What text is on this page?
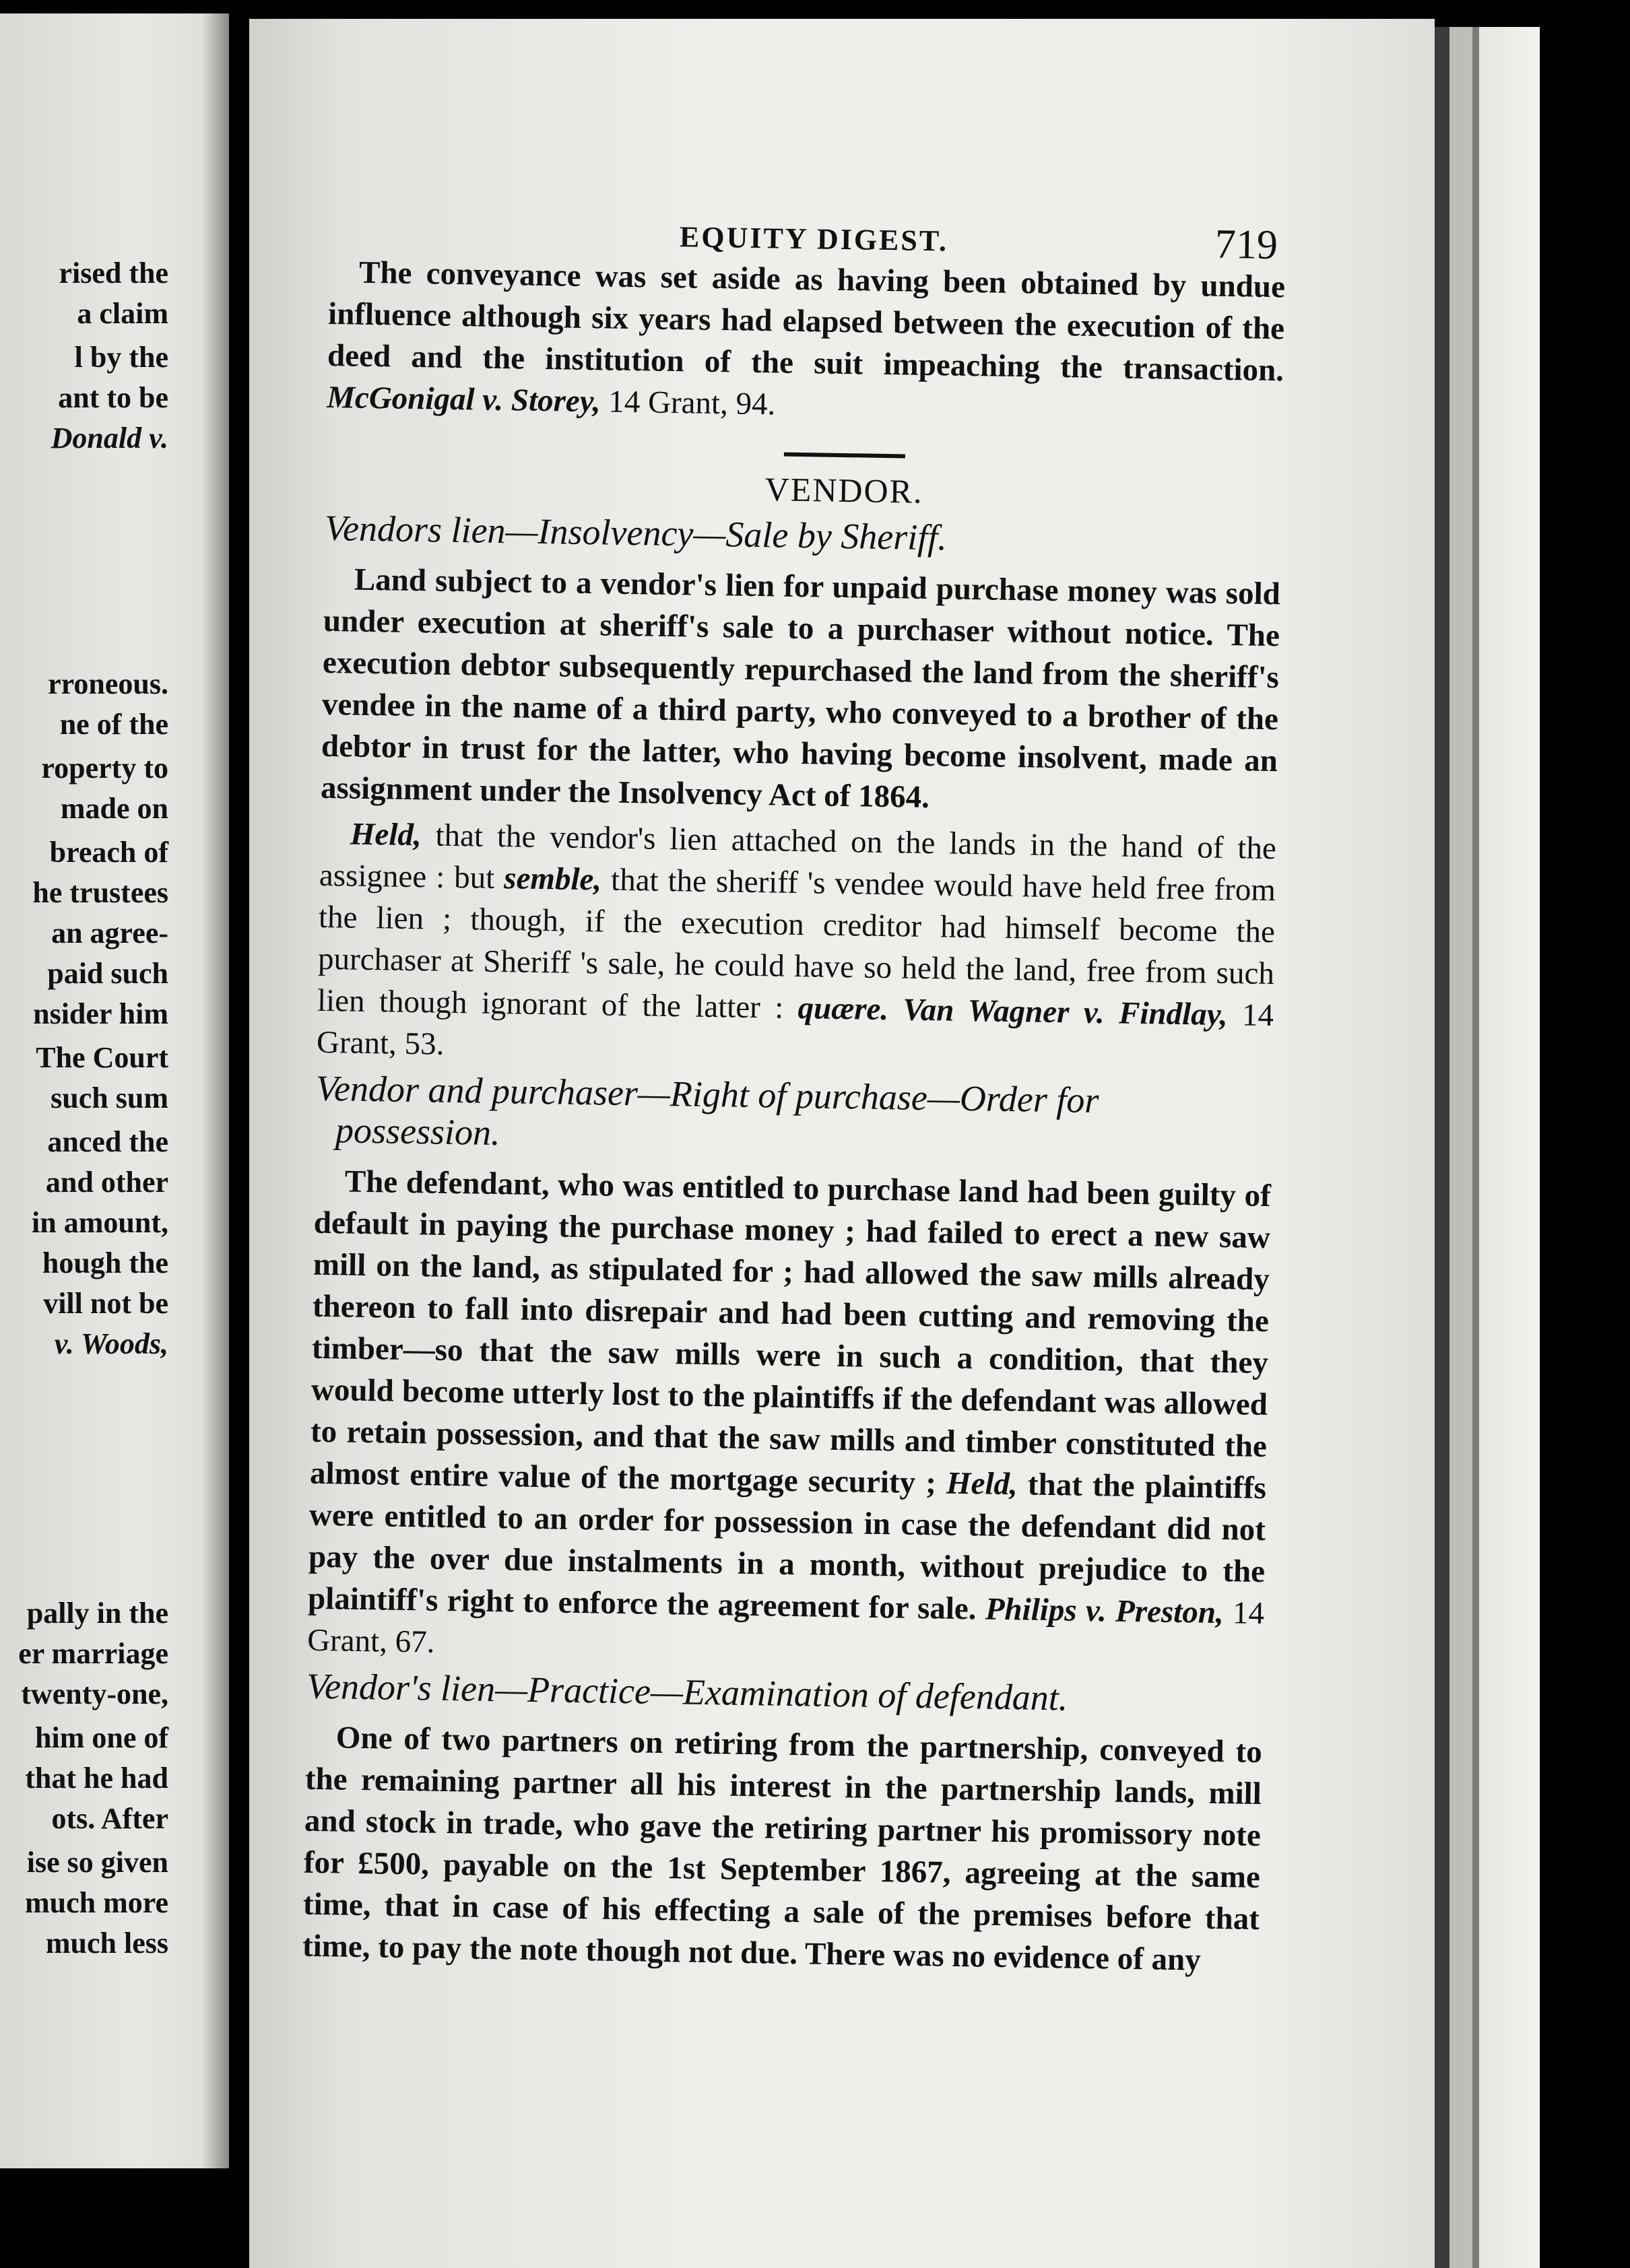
rised the
a claim
l by the
ant to be
Donald v.
rroneous.
ne of the
roperty to
made on
breach of
he trustees
an agree-
paid such
nsider him
The Court
such sum
anced the
and other
in amount,
hough the
vill not be
v. Woods,
pally in the
er marriage
twenty-one,
him one of
that he had
ots. After
ise so given
much more
much less
EQUITY DIGEST.	719

The conveyance was set aside as having been obtained by undue influence although six years had elapsed between the execution of the deed and the institution of the suit impeaching the transaction. McGonigal v. Storey, 14 Grant, 94.

VENDOR.
Vendors lien—Insolvency—Sale by Sheriff.

Land subject to a vendor's lien for unpaid purchase money was sold under execution at sheriff's sale to a purchaser without notice. The execution debtor subsequently repurchased the land from the sheriff's vendee in the name of a third party, who conveyed to a brother of the debtor in trust for the latter, who having become insolvent, made an assignment under the Insolvency Act of 1864.

Held, that the vendor's lien attached on the lands in the hand of the assignee : but semble, that the sheriff 's vendee would have held free from the lien ; though, if the execution creditor had himself become the purchaser at Sheriff 's sale, he could have so held the land, free from such lien though ignorant of the latter : quære. Van Wagner v. Findlay, 14 Grant, 53.

Vendor and purchaser—Right of purchase—Order for possession.

The defendant, who was entitled to purchase land had been guilty of default in paying the purchase money ; had failed to erect a new saw mill on the land, as stipulated for ; had allowed the saw mills already thereon to fall into disrepair and had been cutting and removing the timber—so that the saw mills were in such a condition, that they would become utterly lost to the plaintiffs if the defendant was allowed to retain possession, and that the saw mills and timber constituted the almost entire value of the mortgage security ; Held, that the plaintiffs were entitled to an order for possession in case the defendant did not pay the over due instalments in a month, without prejudice to the plaintiff's right to enforce the agreement for sale. Philips v. Preston, 14 Grant, 67.

Vendor's lien—Practice—Examination of defendant.

One of two partners on retiring from the partnership, conveyed to the remaining partner all his interest in the partnership lands, mill and stock in trade, who gave the retiring partner his promissory note for £500, payable on the 1st September 1867, agreeing at the same time, that in case of his effecting a sale of the premises before that time, to pay the note though not due. There was no evidence of any
